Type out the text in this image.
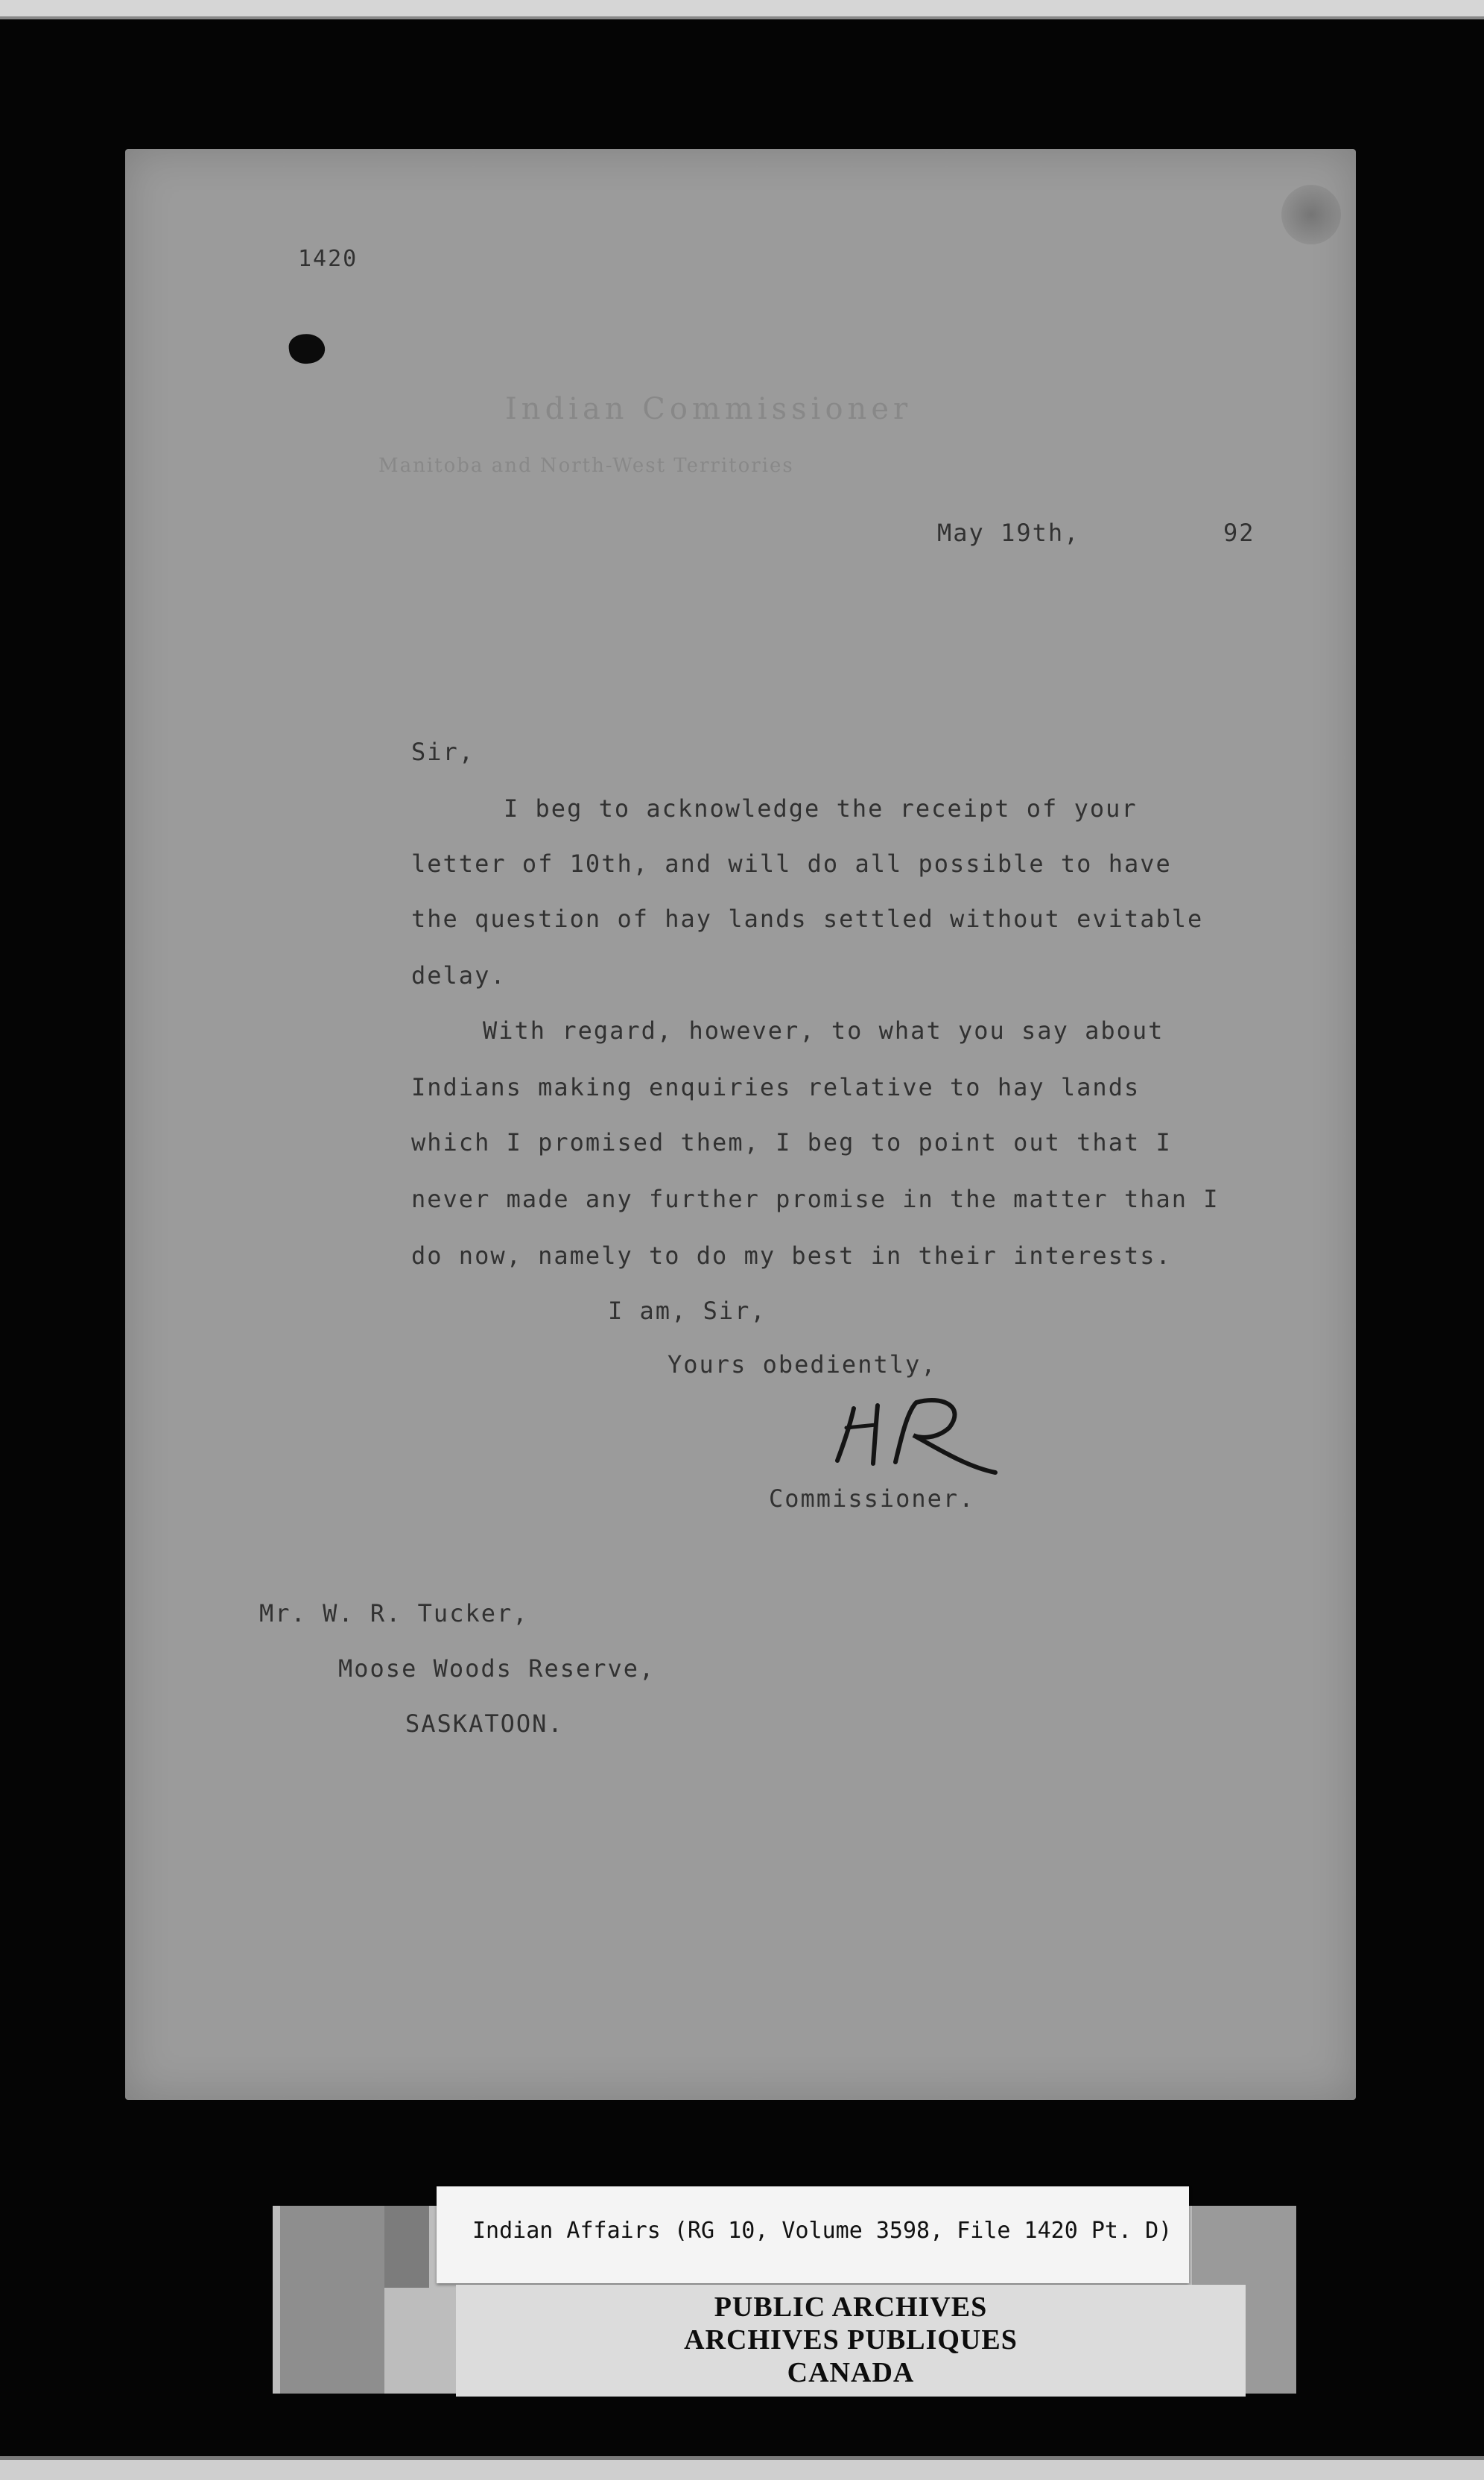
1420

Indian Commissioner

Manitoba and North-West Territories

May 19th,	92

Sir,

I beg to acknowledge the receipt of your

letter of 10th, and will do all possible to have

the question of hay lands settled without evitable

delay.

With regard, however, to what you say about

Indians making enquiries relative to hay lands

which I promised them, I beg to point out that I

never made any further promise in the matter than I

do now, namely to do my best in their interests.

I am, Sir,

Yours obediently,

Commissioner.

Mr. W. R. Tucker,

Moose Woods Reserve,

SASKATOON.

Indian Affairs (RG 10, Volume 3598, File 1420 Pt. D)
PUBLIC ARCHIVES
ARCHIVES PUBLIQUES
CANADA
